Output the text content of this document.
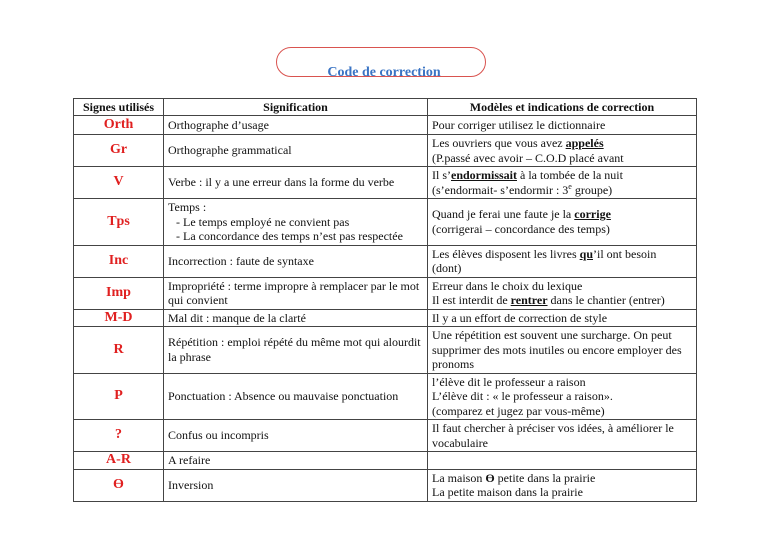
Code de correction
Signes utilisés	Signification	Modèles et indications de correction
Orth	Orthographe d’usage	Pour corriger utilisez le dictionnaire

Gr	Orthographe grammatical	Les ouvriers que vous avez appelés
(P.passé avec avoir – C.O.D placé avant

V	Verbe : il y a une erreur dans la forme du verbe	Il s’endormissait à la tombée de la nuit
(s’endormait- s’endormir : 3e groupe)

Tps	Temps :
- Le temps employé ne convient pas
- La concordance des temps n’est pas respectée	Quand je ferai une faute je la corrige
(corrigerai – concordance des temps)

Inc	Incorrection : faute de syntaxe	Les élèves disposent les livres qu’il ont besoin
(dont)

Imp	Impropriété : terme impropre à remplacer par le mot qui convient	Erreur dans le choix du lexique
Il est interdit de rentrer dans le chantier (entrer)

M-D	Mal dit : manque de la clarté	Il y a un effort de correction de style

R	Répétition : emploi répété du même mot qui alourdit la phrase	Une répétition est souvent une surcharge. On peut supprimer des mots inutiles ou encore employer des pronoms

P	Ponctuation : Absence ou mauvaise ponctuation	l’élève dit le professeur a raison
L’élève dit : « le professeur a raison».
(comparez et jugez par vous-même)

?	Confus ou incompris	Il faut chercher à préciser vos idées, à améliorer le vocabulaire

A-R	A refaire	

Ө	Inversion	La maison Ө petite dans la prairie
La petite maison dans la prairie
